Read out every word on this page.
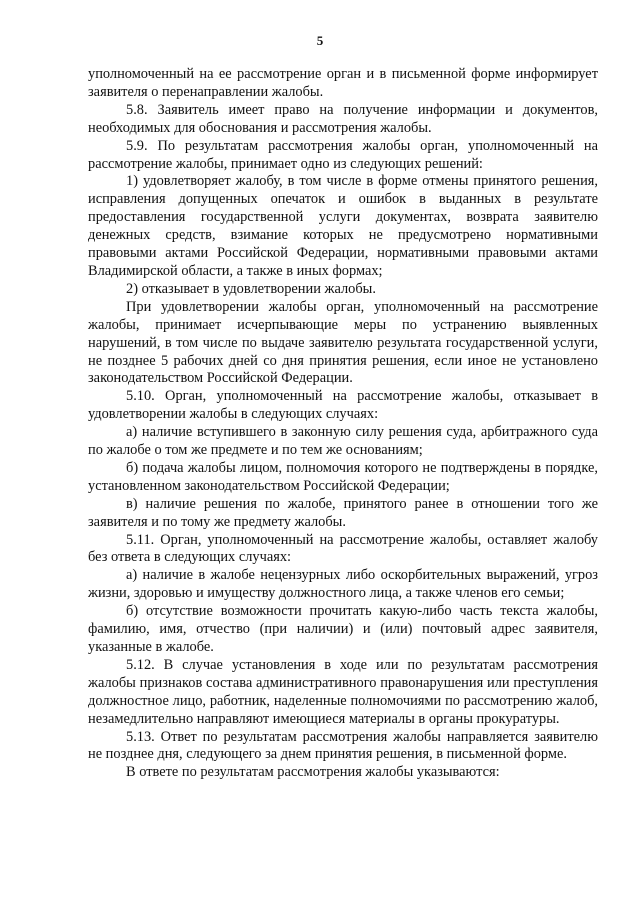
5

уполномоченный на ее рассмотрение орган и в письменной форме информирует заявителя о перенаправлении жалобы.

5.8. Заявитель имеет право на получение информации и документов, необходимых для обоснования и рассмотрения жалобы.

5.9. По результатам рассмотрения жалобы орган, уполномоченный на рассмотрение жалобы, принимает одно из следующих решений:

1) удовлетворяет жалобу, в том числе в форме отмены принятого решения, исправления допущенных опечаток и ошибок в выданных в результате предоставления государственной услуги документах, возврата заявителю денежных средств, взимание которых не предусмотрено нормативными правовыми актами Российской Федерации, нормативными правовыми актами Владимирской области, а также в иных формах;

2) отказывает в удовлетворении жалобы.

При удовлетворении жалобы орган, уполномоченный на рассмотрение жалобы, принимает исчерпывающие меры по устранению выявленных нарушений, в том числе по выдаче заявителю результата государственной услуги, не позднее 5 рабочих дней со дня принятия решения, если иное не установлено законодательством Российской Федерации.

5.10. Орган, уполномоченный на рассмотрение жалобы, отказывает в удовлетворении жалобы в следующих случаях:

а) наличие вступившего в законную силу решения суда, арбитражного суда по жалобе о том же предмете и по тем же основаниям;

б) подача жалобы лицом, полномочия которого не подтверждены в порядке, установленном законодательством Российской Федерации;

в) наличие решения по жалобе, принятого ранее в отношении того же заявителя и по тому же предмету жалобы.

5.11. Орган, уполномоченный на рассмотрение жалобы, оставляет жалобу без ответа в следующих случаях:

а) наличие в жалобе нецензурных либо оскорбительных выражений, угроз жизни, здоровью и имуществу должностного лица, а также членов его семьи;

б) отсутствие возможности прочитать какую-либо часть текста жалобы, фамилию, имя, отчество (при наличии) и (или) почтовый адрес заявителя, указанные в жалобе.

5.12. В случае установления в ходе или по результатам рассмотрения жалобы признаков состава административного правонарушения или преступления должностное лицо, работник, наделенные полномочиями по рассмотрению жалоб, незамедлительно направляют имеющиеся материалы в органы прокуратуры.

5.13. Ответ по результатам рассмотрения жалобы направляется заявителю не позднее дня, следующего за днем принятия решения, в письменной форме.

В ответе по результатам рассмотрения жалобы указываются:
